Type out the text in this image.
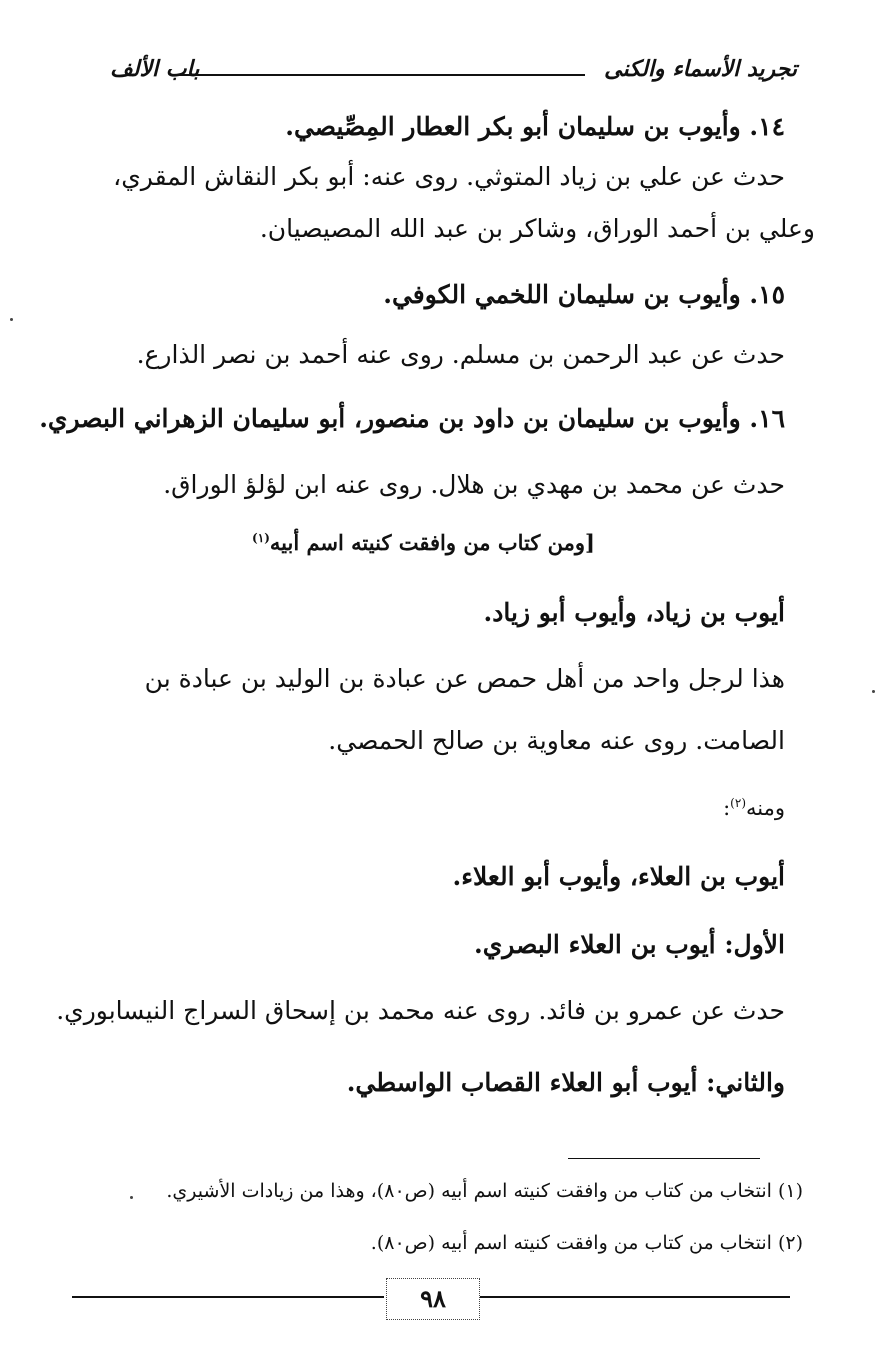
تجريد الأسماء والكنى
باب الألف
١٤. وأيوب بن سليمان أبو بكر العطار المِصِّيصي.
حدث عن علي بن زياد المتوثي. روى عنه: أبو بكر النقاش المقري،
وعلي بن أحمد الوراق، وشاكر بن عبد الله المصيصيان.
١٥. وأيوب بن سليمان اللخمي الكوفي.
حدث عن عبد الرحمن بن مسلم. روى عنه أحمد بن نصر الذارع.
١٦. وأيوب بن سليمان بن داود بن منصور، أبو سليمان الزهراني البصري.
حدث عن محمد بن مهدي بن هلال. روى عنه ابن لؤلؤ الوراق.
[ومن كتاب من وافقت كنيته اسم أبيه$^{(١)}$
أيوب بن زياد، وأيوب أبو زياد.
هذا لرجل واحد من أهل حمص عن عبادة بن الوليد بن عبادة بن
الصامت. روى عنه معاوية بن صالح الحمصي.
ومنه$^{(٢)}$:
أيوب بن العلاء، وأيوب أبو العلاء.
الأول: أيوب بن العلاء البصري.
حدث عن عمرو بن فائد. روى عنه محمد بن إسحاق السراج النيسابوري.
والثاني: أيوب أبو العلاء القصاب الواسطي.
(١) انتخاب من كتاب من وافقت كنيته اسم أبيه (ص٨٠)، وهذا من زيادات الأشيري.
(٢) انتخاب من كتاب من وافقت كنيته اسم أبيه (ص٨٠).
٩٨
